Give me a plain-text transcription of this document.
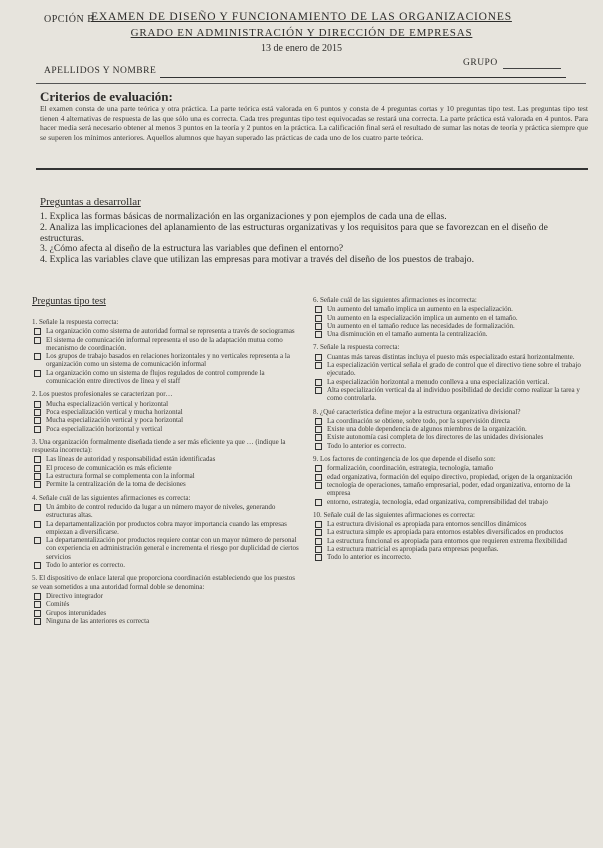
OPCIÓN B
EXAMEN DE DISEÑO Y FUNCIONAMIENTO DE LAS ORGANIZACIONES
GRADO EN ADMINISTRACIÓN Y DIRECCIÓN DE EMPRESAS
13 de enero de 2015
GRUPO
APELLIDOS Y NOMBRE
Criterios de evaluación:
El examen consta de una parte teórica y otra práctica. La parte teórica está valorada en 6 puntos y consta de 4 preguntas cortas y 10 preguntas tipo test. Las preguntas tipo test tienen 4 alternativas de respuesta de las que sólo una es correcta. Cada tres preguntas tipo test equivocadas se restará una correcta. La parte práctica está valorada en 4 puntos. Para hacer media será necesario obtener al menos 3 puntos en la teoría y 2 puntos en la práctica. La calificación final será el resultado de sumar las notas de teoría y práctica siempre que se superen los mínimos anteriores. Aquellos alumnos que hayan superado las prácticas de cada uno de los cuatro parte teórica.
Preguntas a desarrollar
1. Explica las formas básicas de normalización en las organizaciones y pon ejemplos de cada una de ellas.
2. Analiza las implicaciones del aplanamiento de las estructuras organizativas y los requisitos para que se favorezcan en el diseño de estructuras.
3. ¿Cómo afecta al diseño de la estructura las variables que definen el entorno?
4. Explica las variables clave que utilizan las empresas para motivar a través del diseño de los puestos de trabajo.
Preguntas tipo test
1. Señale la respuesta correcta:
La organización como sistema de autoridad formal se representa a través de sociogramas
El sistema de comunicación informal representa el uso de la adaptación mutua como mecanismo de coordinación.
Los grupos de trabajo basados en relaciones horizontales y no verticales representa a la organización como un sistema de comunicación informal
La organización como un sistema de flujos regulados de control comprende la comunicación entre directivos de línea y el staff
2. Los puestos profesionales se caracterizan por…
Mucha especialización vertical y horizontal
Poca especialización vertical y mucha horizontal
Mucha especialización vertical y poca horizontal
Poca especialización horizontal y vertical
3. Una organización formalmente diseñada tiende a ser más eficiente ya que … (indique la respuesta incorrecta):
Las líneas de autoridad y responsabilidad están identificadas
El proceso de comunicación es más eficiente
La estructura formal se complementa con la informal
Permite la centralización de la toma de decisiones
4. Señale cuál de las siguientes afirmaciones es correcta:
Un ámbito de control reducido da lugar a un número mayor de niveles, generando estructuras altas.
La departamentalización por productos cobra mayor importancia cuando las empresas empiezan a diversificarse.
La departamentalización por productos requiere contar con un mayor número de personal con experiencia en administración general e incrementa el riesgo por duplicidad de ciertos servicios
Todo lo anterior es correcto.
5. El dispositivo de enlace lateral que proporciona coordinación estableciendo que los puestos se vean sometidos a una autoridad formal doble se denomina:
Directivo integrador
Comités
Grupos interunidades
Ninguna de las anteriores es correcta
6. Señale cuál de las siguientes afirmaciones es incorrecta:
Un aumento del tamaño implica un aumento en la especialización.
Un aumento en la especialización implica un aumento en el tamaño.
Un aumento en el tamaño reduce las necesidades de formalización.
Una disminución en el tamaño aumenta la centralización.
7. Señale la respuesta correcta:
Cuantas más tareas distintas incluya el puesto más especializado estará horizontalmente.
La especialización vertical señala el grado de control que el directivo tiene sobre el trabajo ejecutado.
La especialización horizontal a menudo conlleva a una especialización vertical.
Alta especialización vertical da al individuo posibilidad de decidir como realizar la tarea y como controlarla.
8. ¿Qué característica define mejor a la estructura organizativa divisional?
La coordinación se obtiene, sobre todo, por la supervisión directa
Existe una doble dependencia de algunos miembros de la organización.
Existe autonomía casi completa de los directores de las unidades divisionales
Todo lo anterior es correcto.
9. Los factores de contingencia de los que depende el diseño son:
formalización, coordinación, estrategia, tecnología, tamaño
edad organizativa, formación del equipo directivo, propiedad, origen de la organización
tecnología de operaciones, tamaño empresarial, poder, edad organizativa, entorno de la empresa
entorno, estrategia, tecnología, edad organizativa, comprensibilidad del trabajo
10. Señale cuál de las siguientes afirmaciones es correcta:
La estructura divisional es apropiada para entornos sencillos dinámicos
La estructura simple es apropiada para entornos estables diversificados en productos
La estructura funcional es apropiada para entornos que requieren extrema flexibilidad
La estructura matricial es apropiada para empresas pequeñas.
Todo lo anterior es incorrecto.
